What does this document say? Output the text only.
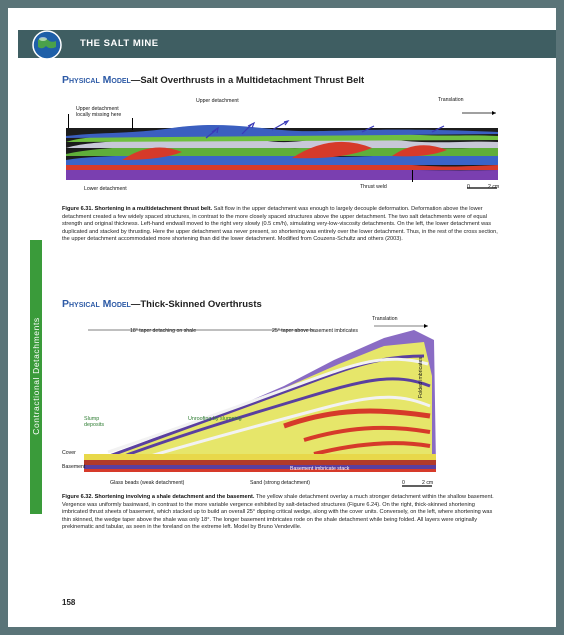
THE SALT MINE
Contractional Detachments
Physical Model—Salt Overthrusts in a Multidetachment Thrust Belt
Upper detachment
locally missing here
Upper detachment	Translation
Lower detachment	Thrust weld	0	2 cm
Figure 6.31. Shortening in a multidetachment thrust belt. Salt flow in the upper detachment was enough to largely decouple deformation. Deformation above the lower detachment created a few widely spaced structures, in contrast to the more closely spaced structures above the upper detachment. The two salt detachments were of equal strength and original thickness. Left-hand endwall moved to the right very slowly (0.5 cm/h), simulating very-low-viscosity detachments. On the left, the lower detachment was duplicated and stacked by thrusting. Here the upper detachment was never present, so shortening was entirely over the lower detachment. Thus, in the rest of the cross section, the upper detachment accommodated more shortening than did the lower detachment. Modified from Couzens-Schultz and others (2003).
Physical Model—Thick-Skinned Overthrusts
Translation
18° taper detaching on shale	25° taper above basement imbricates
Unroofing by slumping
Slump
deposits
Cover
Basement
Glass beads (weak detachment)	Sand (strong detachment)
Basement imbricate stack
Folded imbricates
0	2 cm
Figure 6.32. Shortening involving a shale detachment and the basement. The yellow shale detachment overlay a much stronger detachment within the shallow basement. Vergence was uniformly basinward, in contrast to the more variable vergence exhibited by salt-detached structures (Figure 6.24). On the right, thick-skinned shortening imbricated thrust sheets of basement, which stacked up to build an overall 25° dipping critical wedge, along with the cover units. Conversely, on the left, where shortening was thin skinned, the wedge taper above the shale was only 18°. The longer basement imbricates rode on the shale detachment while being folded. All layers were originally prekinematic and tabular, as seen in the foreland on the extreme left. Model by Bruno Vendeville.
158
